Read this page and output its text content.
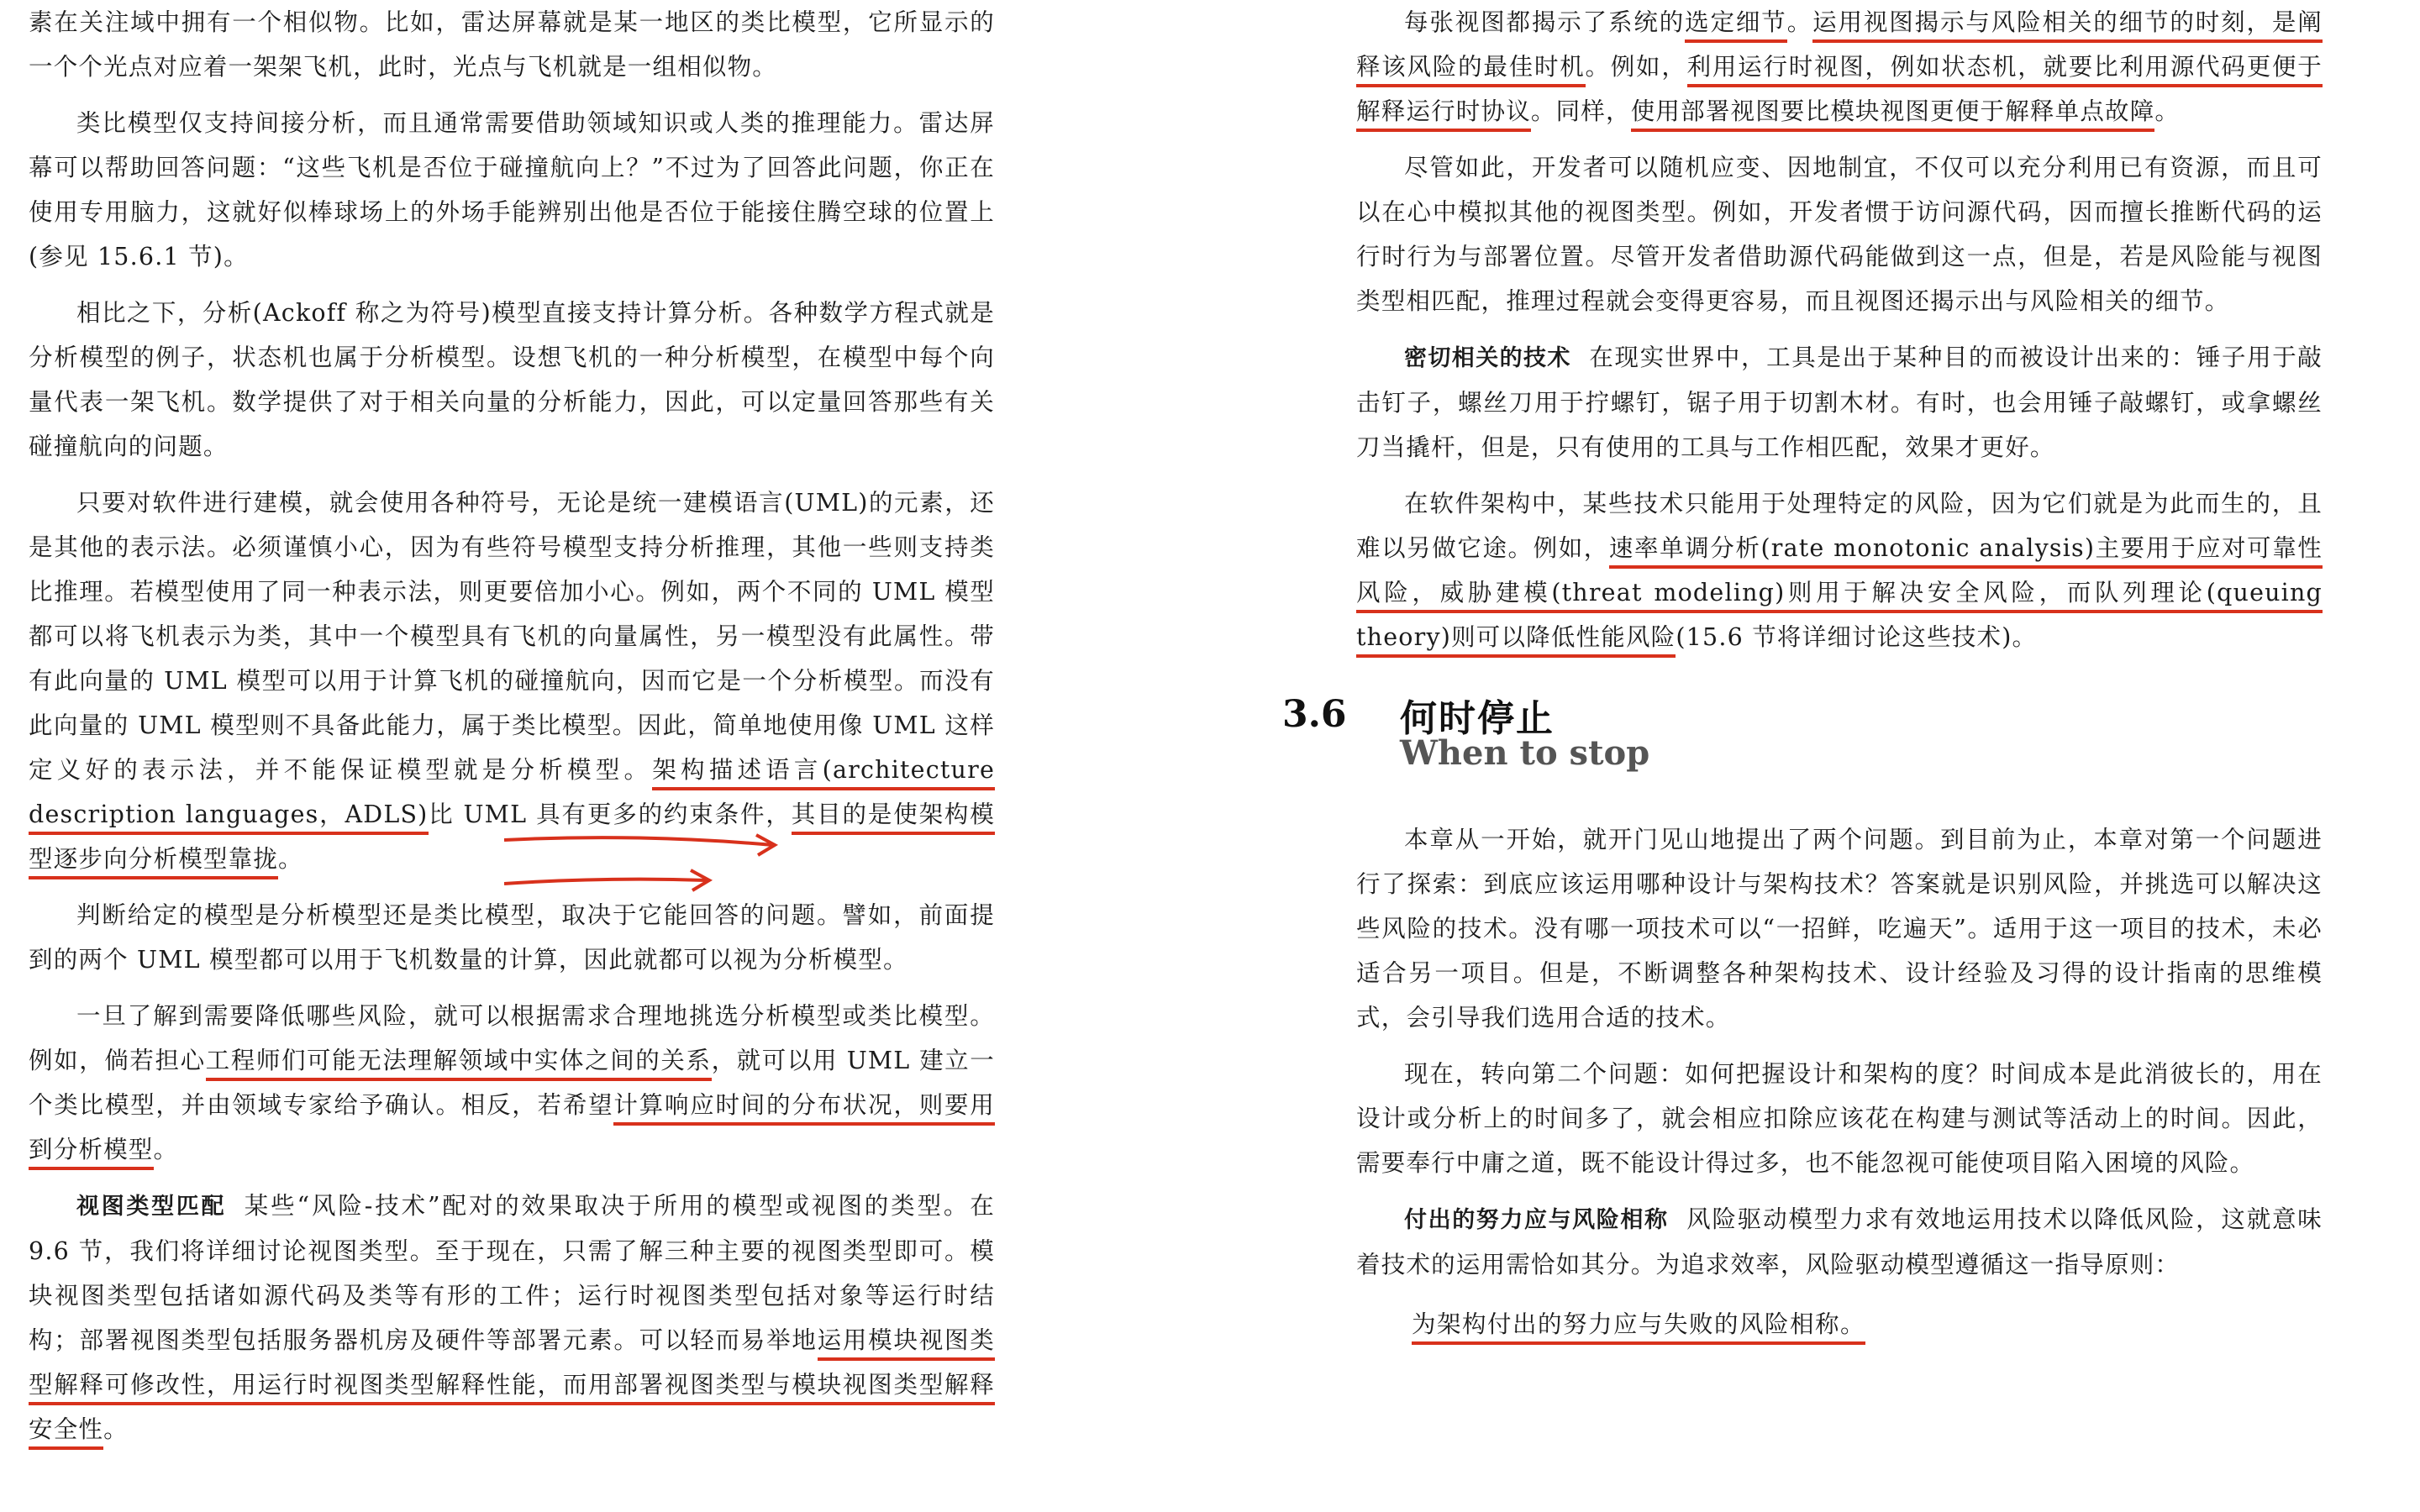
素在关注域中拥有一个相似物。比如，雷达屏幕就是某一地区的类比模型，它所显示的一个个光点对应着一架架飞机，此时，光点与飞机就是一组相似物。

类比模型仅支持间接分析，而且通常需要借助领域知识或人类的推理能力。雷达屏幕可以帮助回答问题：“这些飞机是否位于碰撞航向上？”不过为了回答此问题，你正在使用专用脑力，这就好似棒球场上的外场手能辨别出他是否位于能接住腾空球的位置上(参见 15.6.1 节)。

相比之下，分析(Ackoff 称之为符号)模型直接支持计算分析。各种数学方程式就是分析模型的例子，状态机也属于分析模型。设想飞机的一种分析模型，在模型中每个向量代表一架飞机。数学提供了对于相关向量的分析能力，因此，可以定量回答那些有关碰撞航向的问题。

只要对软件进行建模，就会使用各种符号，无论是统一建模语言(UML)的元素，还是其他的表示法。必须谨慎小心，因为有些符号模型支持分析推理，其他一些则支持类比推理。若模型使用了同一种表示法，则更要倍加小心。例如，两个不同的 UML 模型都可以将飞机表示为类，其中一个模型具有飞机的向量属性，另一模型没有此属性。带有此向量的 UML 模型可以用于计算飞机的碰撞航向，因而它是一个分析模型。而没有此向量的 UML 模型则不具备此能力，属于类比模型。因此，简单地使用像 UML 这样定义好的表示法，并不能保证模型就是分析模型。架构描述语言(architecture description languages，ADLS)比 UML 具有更多的约束条件，其目的是使架构模型逐步向分析模型靠拢。

判断给定的模型是分析模型还是类比模型，取决于它能回答的问题。譬如，前面提到的两个 UML 模型都可以用于飞机数量的计算，因此就都可以视为分析模型。

一旦了解到需要降低哪些风险，就可以根据需求合理地挑选分析模型或类比模型。例如，倘若担心工程师们可能无法理解领域中实体之间的关系，就可以用 UML 建立一个类比模型，并由领域专家给予确认。相反，若希望计算响应时间的分布状况，则要用到分析模型。

视图类型匹配 某些“风险-技术”配对的效果取决于所用的模型或视图的类型。在 9.6 节，我们将详细讨论视图类型。至于现在，只需了解三种主要的视图类型即可。模块视图类型包括诸如源代码及类等有形的工件；运行时视图类型包括对象等运行时结构；部署视图类型包括服务器机房及硬件等部署元素。可以轻而易举地运用模块视图类型解释可修改性，用运行时视图类型解释性能，而用部署视图类型与模块视图类型解释安全性。

每张视图都揭示了系统的选定细节。运用视图揭示与风险相关的细节的时刻，是阐释该风险的最佳时机。例如，利用运行时视图，例如状态机，就要比利用源代码更便于解释运行时协议。同样，使用部署视图要比模块视图更便于解释单点故障。

尽管如此，开发者可以随机应变、因地制宜，不仅可以充分利用已有资源，而且可以在心中模拟其他的视图类型。例如，开发者惯于访问源代码，因而擅长推断代码的运行时行为与部署位置。尽管开发者借助源代码能做到这一点，但是，若是风险能与视图类型相匹配，推理过程就会变得更容易，而且视图还揭示出与风险相关的细节。

密切相关的技术 在现实世界中，工具是出于某种目的而被设计出来的：锤子用于敲击钉子，螺丝刀用于拧螺钉，锯子用于切割木材。有时，也会用锤子敲螺钉，或拿螺丝刀当撬杆，但是，只有使用的工具与工作相匹配，效果才更好。

在软件架构中，某些技术只能用于处理特定的风险，因为它们就是为此而生的，且难以另做它途。例如，速率单调分析(rate monotonic analysis)主要用于应对可靠性风险，威胁建模(threat modeling)则用于解决安全风险，而队列理论(queuing theory)则可以降低性能风险(15.6 节将详细讨论这些技术)。

3.6 何时停止
When to stop

本章从一开始，就开门见山地提出了两个问题。到目前为止，本章对第一个问题进行了探索：到底应该运用哪种设计与架构技术？答案就是识别风险，并挑选可以解决这些风险的技术。没有哪一项技术可以“一招鲜，吃遍天”。适用于这一项目的技术，未必适合另一项目。但是，不断调整各种架构技术、设计经验及习得的设计指南的思维模式，会引导我们选用合适的技术。

现在，转向第二个问题：如何把握设计和架构的度？时间成本是此消彼长的，用在设计或分析上的时间多了，就会相应扣除应该花在构建与测试等活动上的时间。因此，需要奉行中庸之道，既不能设计得过多，也不能忽视可能使项目陷入困境的风险。

付出的努力应与风险相称 风险驱动模型力求有效地运用技术以降低风险，这就意味着技术的运用需恰如其分。为追求效率，风险驱动模型遵循这一指导原则：

为架构付出的努力应与失败的风险相称。
